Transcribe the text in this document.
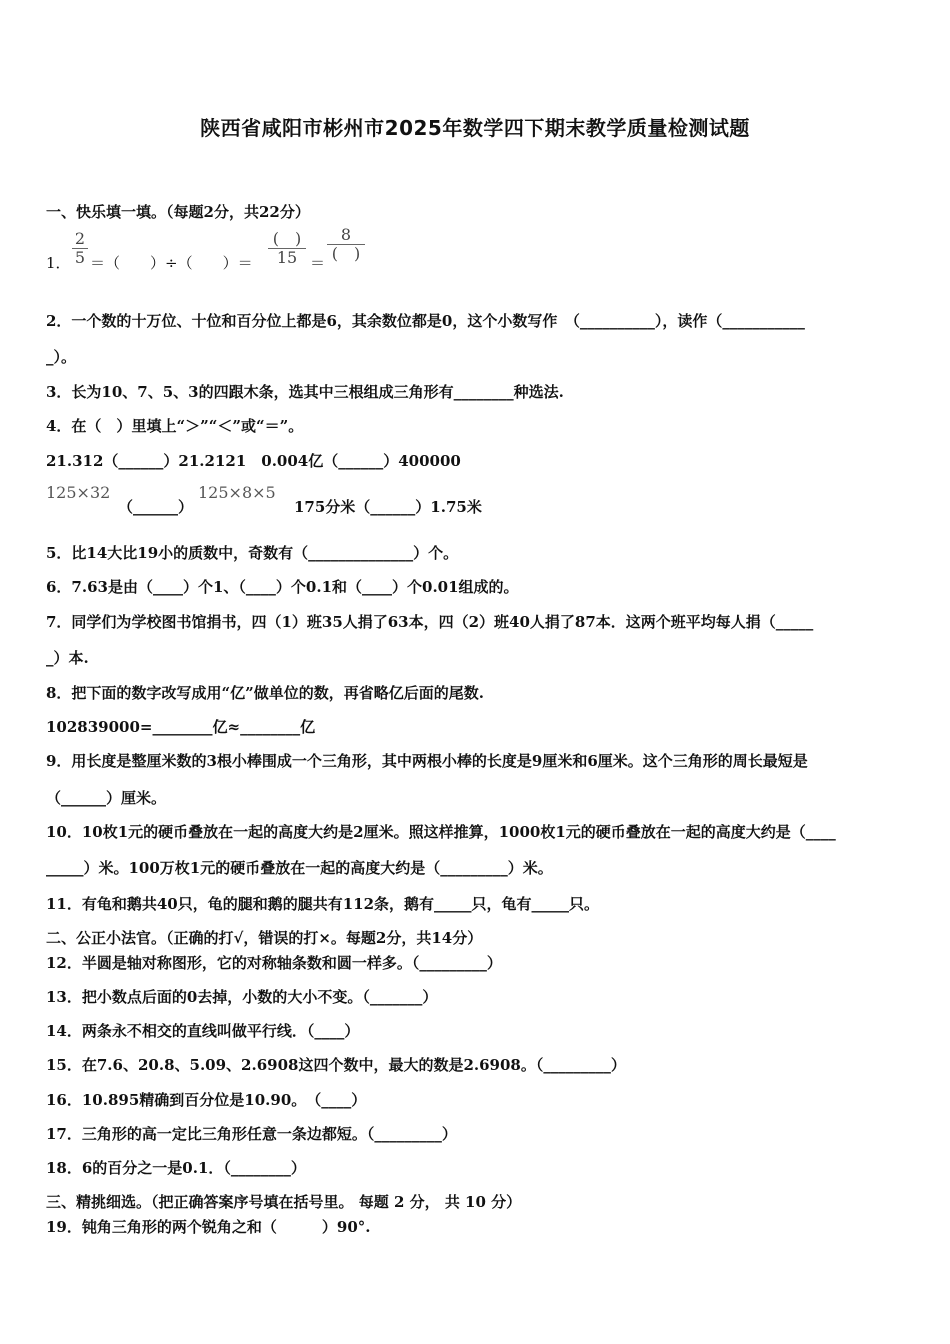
陕西省咸阳市彬州市2025年数学四下期末教学质量检测试题
一、快乐填一填。（每题2分，共22分）
1． $\frac{2}{5}$ ＝（　　）÷（　　）＝
(　)
15 ＝
8
(　)
2．一个数的十万位、十位和百分位上都是6，其余数位都是0，这个小数写作　（__________），读作（___________
_）。
3．长为10、7、5、3的四跟木条，选其中三根组成三角形有________种选法.
4．在（　）里填上“＞”“＜”或“＝”。
21.312（______）21.2121　0.004亿（______）400000
125×32
（______）
125×8×5
175分米（______）1.75米
5．比14大比19小的质数中，奇数有（______________）个。
6．7.63是由（____）个1、（____）个0.1和（____）个0.01组成的。
7．同学们为学校图书馆捐书，四（1）班35人捐了63本，四（2）班40人捐了87本．这两个班平均每人捐（_____
_）本.
8．把下面的数字改写成用“亿”做单位的数，再省略亿后面的尾数.
102839000=________亿≈________亿
9．用长度是整厘米数的3根小棒围成一个三角形，其中两根小棒的长度是9厘米和6厘米。这个三角形的周长最短是
（______）厘米。
10．10枚1元的硬币叠放在一起的高度大约是2厘米。照这样推算，1000枚1元的硬币叠放在一起的高度大约是（____
_____）米。100万枚1元的硬币叠放在一起的高度大约是（_________）米。
11．有龟和鹅共40只，龟的腿和鹅的腿共有112条，鹅有_____只，龟有_____只。
二、公正小法官。（正确的打√，错误的打×。每题2分，共14分）
12．半圆是轴对称图形，它的对称轴条数和圆一样多。（_________）
13．把小数点后面的0去掉，小数的大小不变。（_______）
14．两条永不相交的直线叫做平行线．（____）
15．在7.6、20.8、5.09、2.6908这四个数中，最大的数是2.6908。（_________）
16．10.895精确到百分位是10.90。　（____）
17．三角形的高一定比三角形任意一条边都短。（_________）
18．6的百分之一是0.1．（________）
三、精挑细选。（把正确答案序号填在括号里。 每题 2 分， 共 10 分）
19．钝角三角形的两个锐角之和（　　　）90°.
